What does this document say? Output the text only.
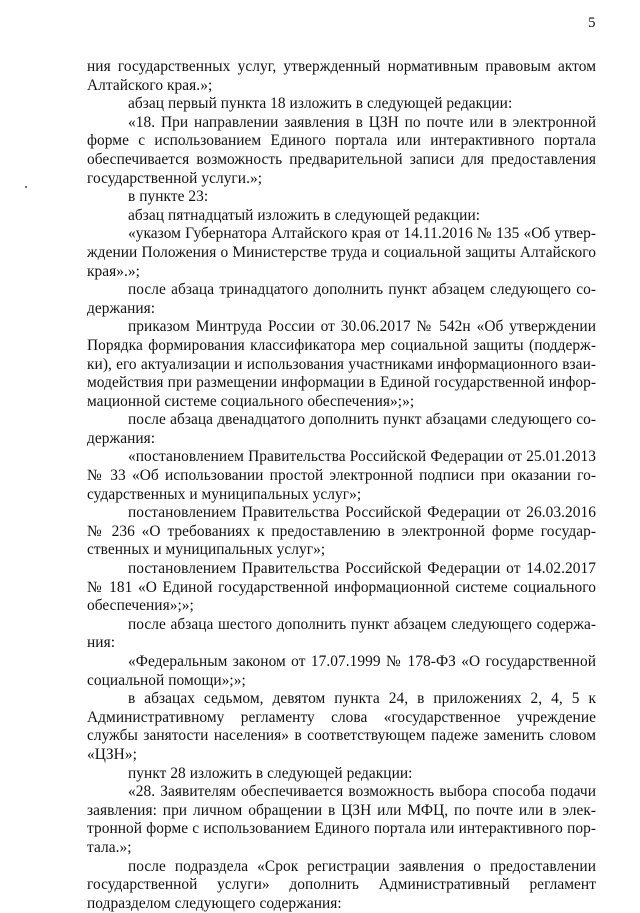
5

ния государственных услуг, утвержденный нормативным правовым актом Алтайского края.»;

абзац первый пункта 18 изложить в следующей редакции:

«18. При направлении заявления в ЦЗН по почте или в электронной форме с использованием Единого портала или интерактивного портала обеспечивается возможность предварительной записи для предоставления государственной услуги.»;

в пункте 23:

абзац пятнадцатый изложить в следующей редакции:

«указом Губернатора Алтайского края от 14.11.2016 № 135 «Об утверждении Положения о Министерстве труда и социальной защиты Алтайского края».»;

после абзаца тринадцатого дополнить пункт абзацем следующего содержания:

приказом Минтруда России от 30.06.2017 № 542н «Об утверждении Порядка формирования классификатора мер социальной защиты (поддержки), его актуализации и использования участниками информационного взаимодействия при размещении информации в Единой государственной информационной системе социального обеспечения»;»;

после абзаца двенадцатого дополнить пункт абзацами следующего содержания:

«постановлением Правительства Российской Федерации от 25.01.2013 № 33 «Об использовании простой электронной подписи при оказании государственных и муниципальных услуг»;

постановлением Правительства Российской Федерации от 26.03.2016 № 236 «О требованиях к предоставлению в электронной форме государственных и муниципальных услуг»;

постановлением Правительства Российской Федерации от 14.02.2017 № 181 «О Единой государственной информационной системе социального обеспечения»;»;

после абзаца шестого дополнить пункт абзацем следующего содержания:

«Федеральным законом от 17.07.1999 № 178-ФЗ «О государственной социальной помощи»;»;

в абзацах седьмом, девятом пункта 24, в приложениях 2, 4, 5 к Административному регламенту слова «государственное учреждение службы занятости населения» в соответствующем падеже заменить словом «ЦЗН»;

пункт 28 изложить в следующей редакции:

«28. Заявителям обеспечивается возможность выбора способа подачи заявления: при личном обращении в ЦЗН или МФЦ, по почте или в электронной форме с использованием Единого портала или интерактивного портала.»;

после подраздела «Срок регистрации заявления о предоставлении государственной услуги» дополнить Административный регламент подразделом следующего содержания:
